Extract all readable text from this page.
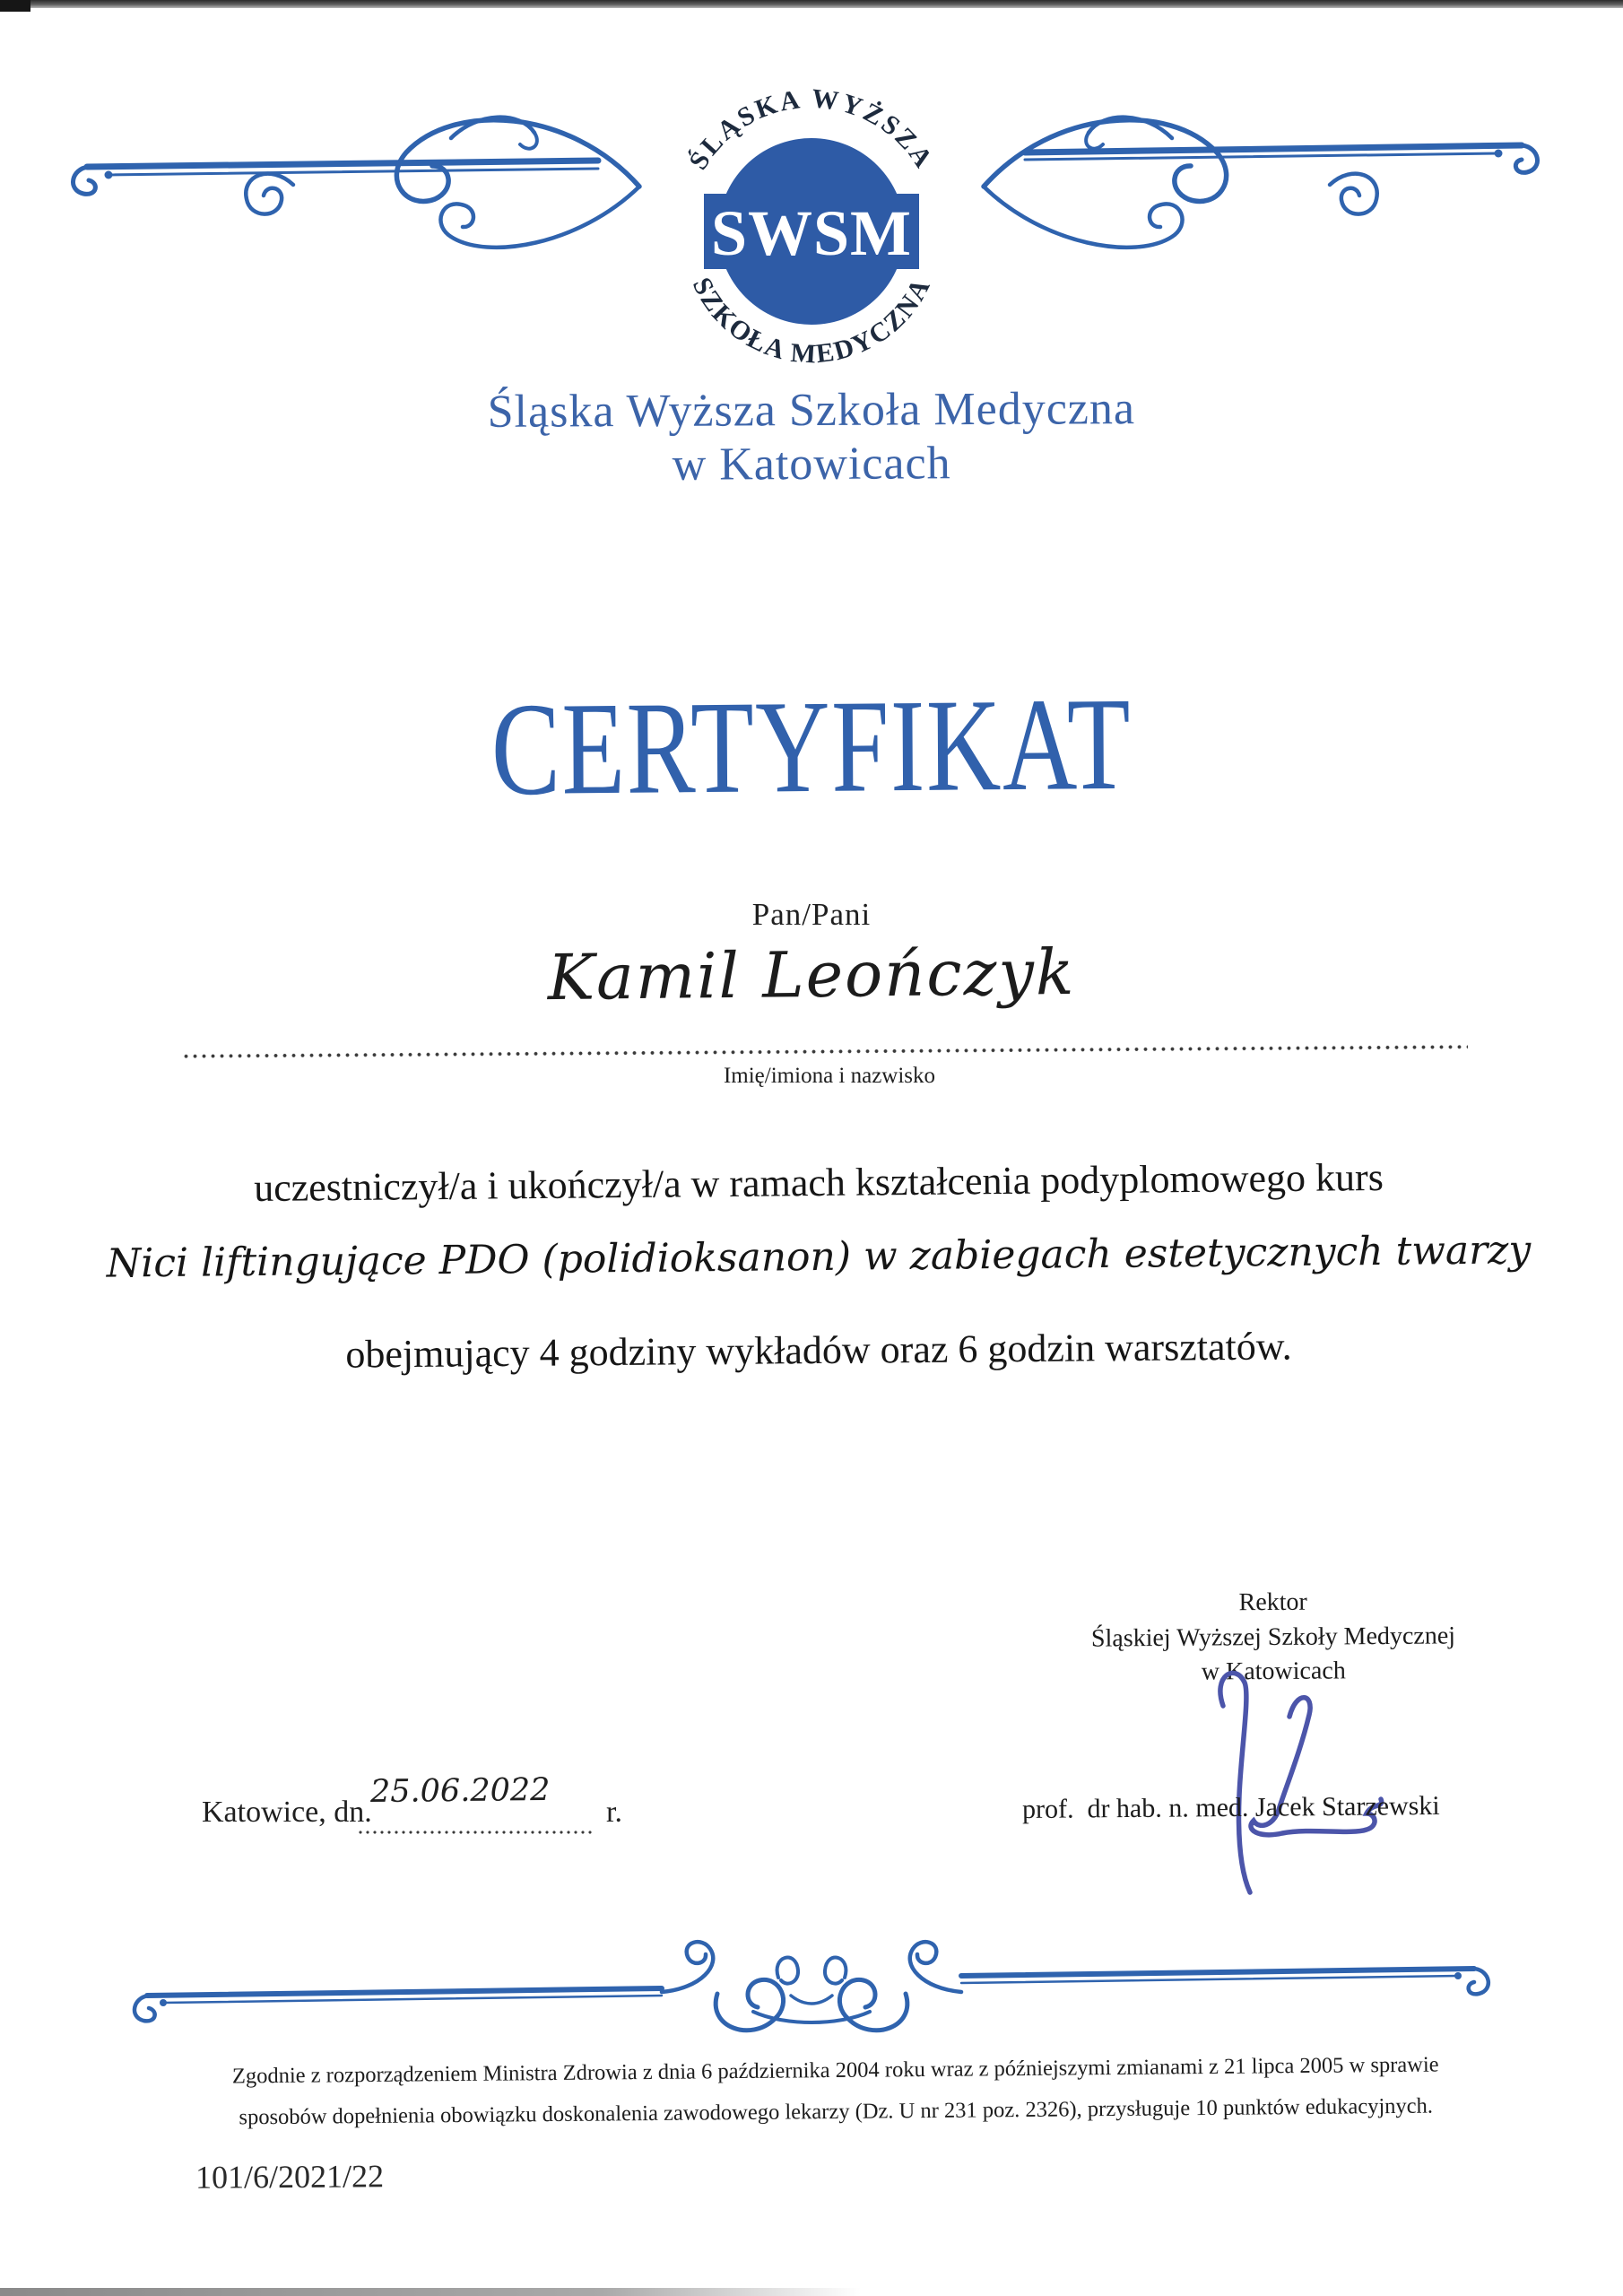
ŚLĄSKA WYŻSZA
SZKOŁA MEDYCZNA
SWSM
Śląska Wyższa Szkoła Medyczna
w Katowicach
CERTYFIKAT
Pan/Pani
Kamil Leończyk
Imię/imiona i nazwisko
uczestniczył/a i ukończył/a w ramach kształcenia podyplomowego kurs
Nici liftingujące PDO (polidioksanon) w zabiegach estetycznych twarzy
obejmujący 4 godziny wykładów oraz 6 godzin warsztatów.
Rektor
Śląskiej Wyższej Szkoły Medycznej
w Katowicach
prof.  dr hab. n. med. Jacek Starzewski
Katowice, dn.
25.06.2022
r.
Zgodnie z rozporządzeniem Ministra Zdrowia z dnia 6 października 2004 roku wraz z późniejszymi zmianami z 21 lipca 2005 w sprawie
sposobów dopełnienia obowiązku doskonalenia zawodowego lekarzy (Dz. U nr 231 poz. 2326), przysługuje 10 punktów edukacyjnych.
101/6/2021/22
